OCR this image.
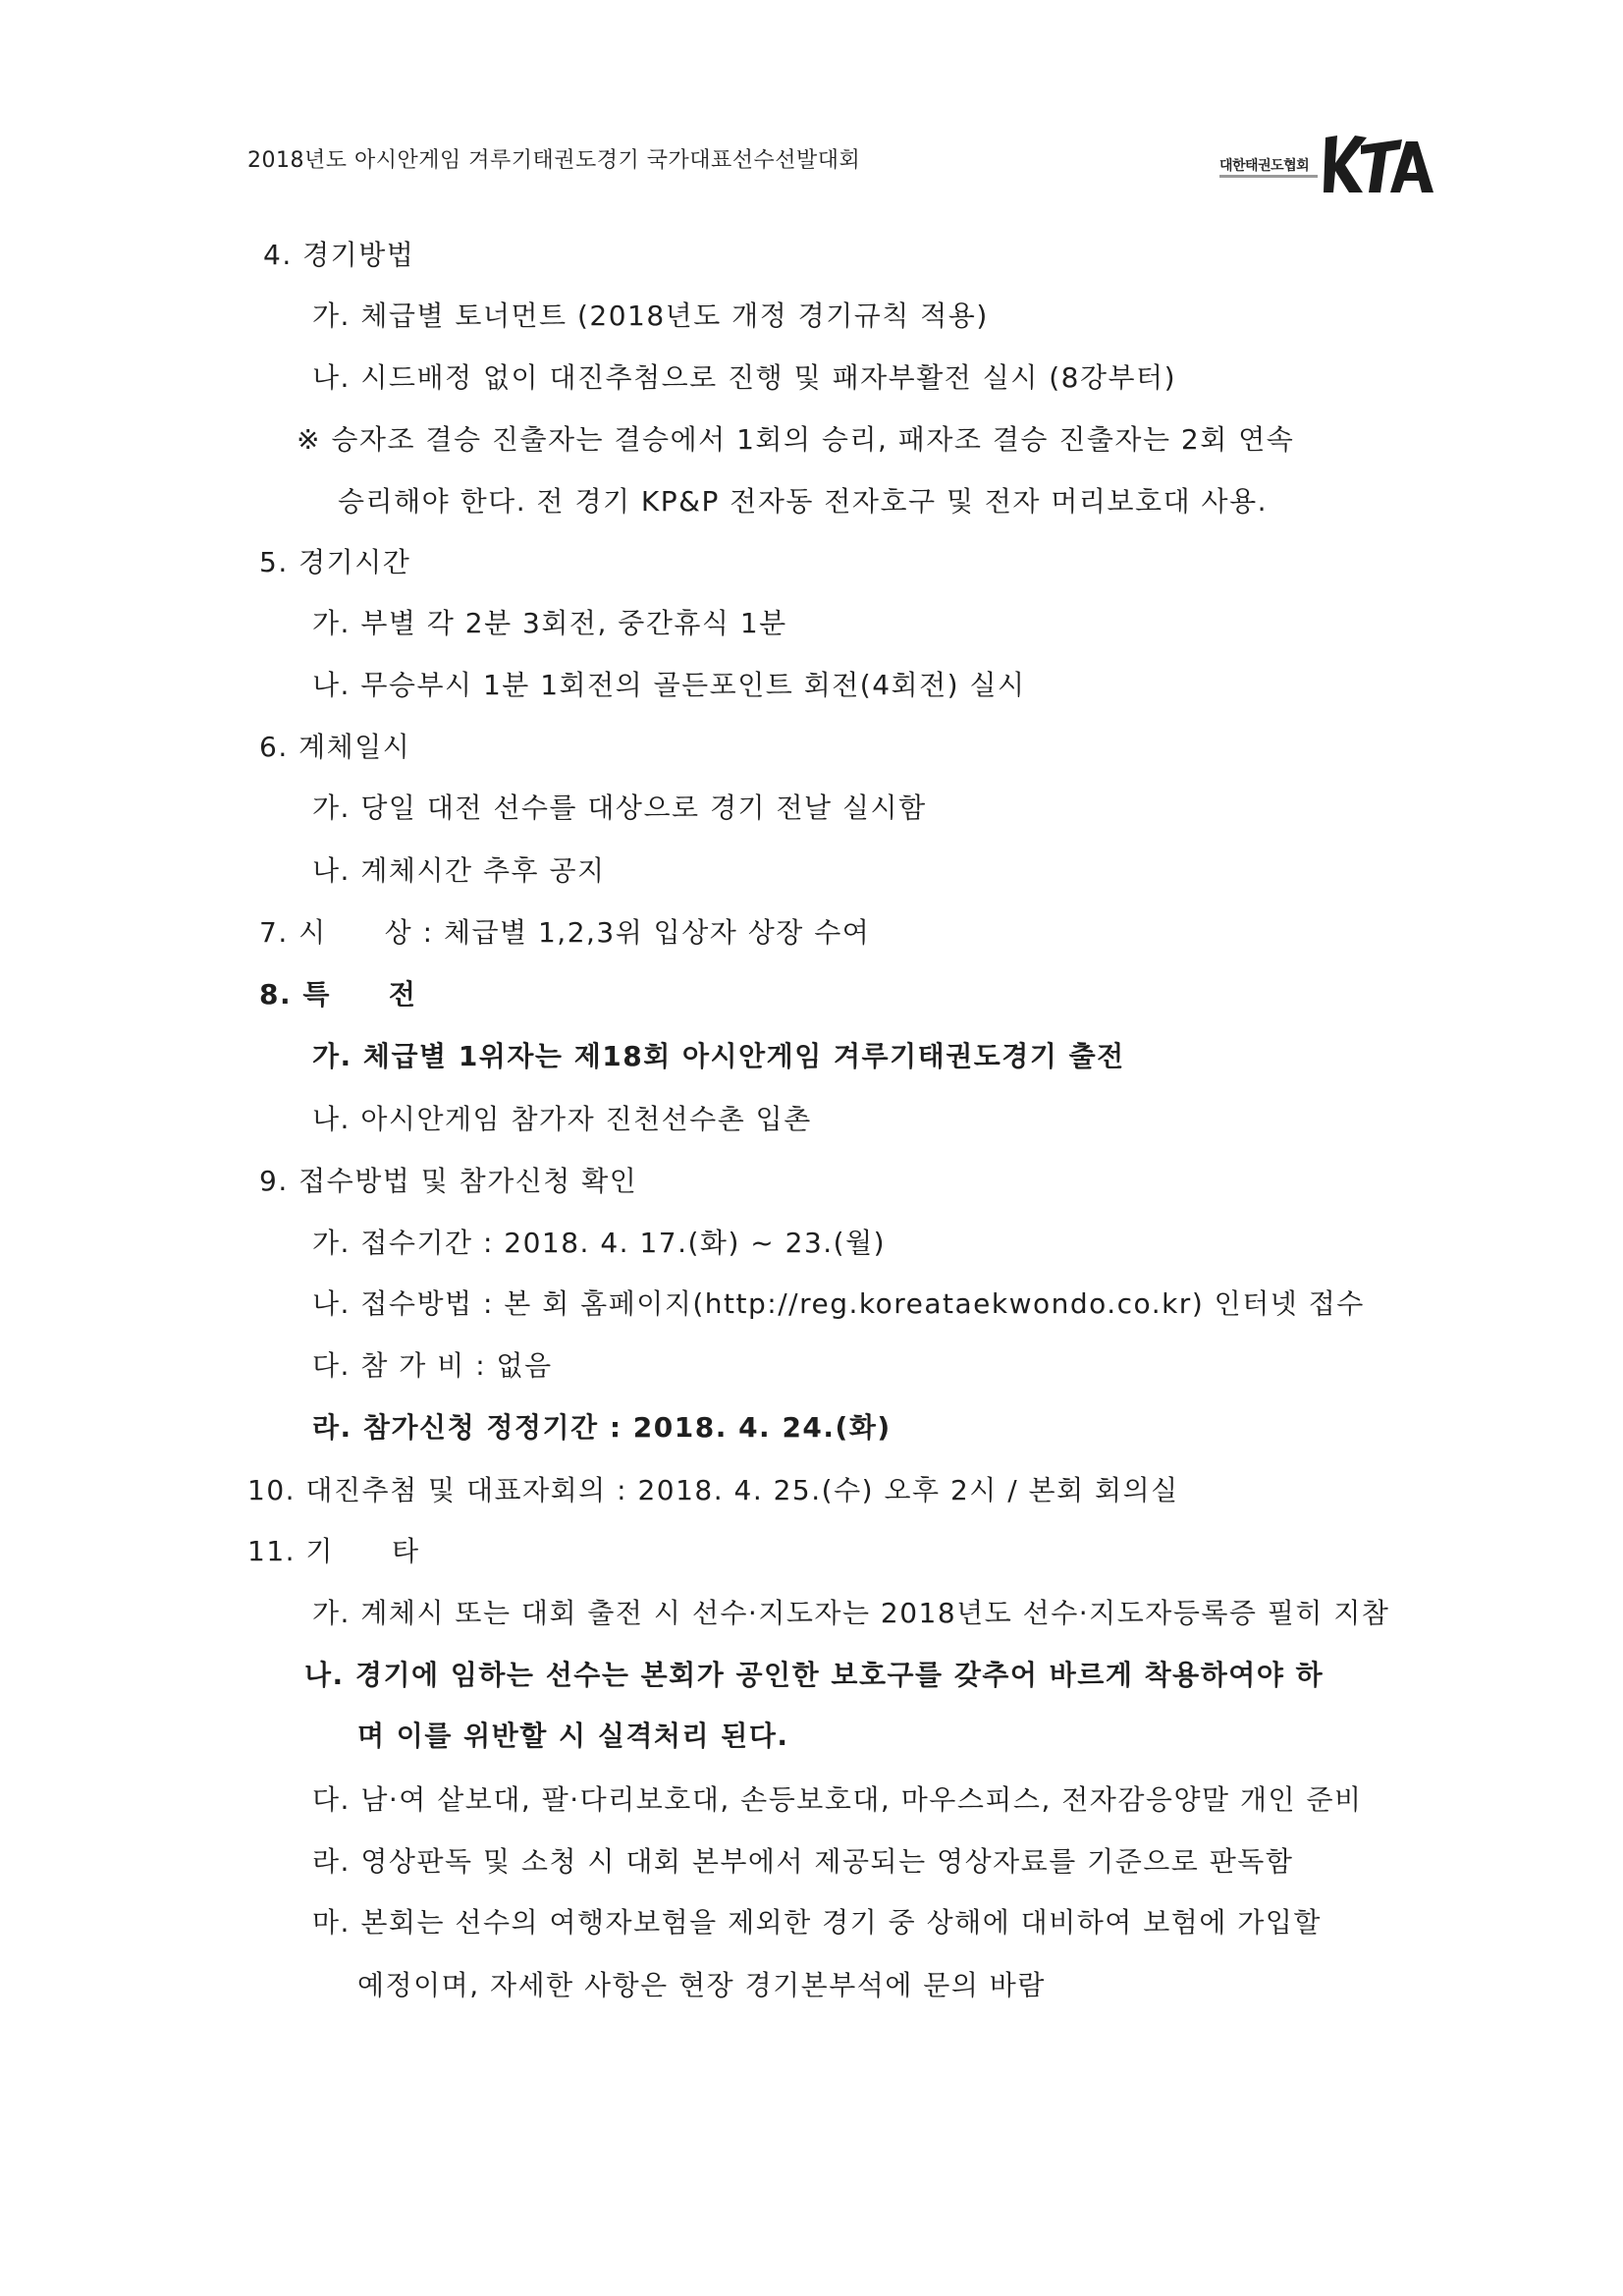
2018년도 아시안게임 겨루기태권도경기 국가대표선수선발대회	대한태권도협회
4. 경기방법
가. 체급별 토너먼트 (2018년도 개정 경기규칙 적용)
나. 시드배정 없이 대진추첨으로 진행 및 패자부활전 실시 (8강부터)
※ 승자조 결승 진출자는 결승에서 1회의 승리, 패자조 결승 진출자는 2회 연속
승리해야 한다. 전 경기 KP&P 전자동 전자호구 및 전자 머리보호대 사용.
5. 경기시간
가. 부별 각 2분 3회전, 중간휴식 1분
나. 무승부시 1분 1회전의 골든포인트 회전(4회전) 실시
6. 계체일시
가. 당일 대전 선수를 대상으로 경기 전날 실시함
나. 계체시간 추후 공지
7. 시　　상 : 체급별 1,2,3위 입상자 상장 수여
8. 특　　전
가. 체급별 1위자는 제18회 아시안게임 겨루기태권도경기 출전
나. 아시안게임 참가자 진천선수촌 입촌
9. 접수방법 및 참가신청 확인
가. 접수기간 : 2018. 4. 17.(화) ~ 23.(월)
나. 접수방법 : 본 회 홈페이지(http://reg.koreataekwondo.co.kr) 인터넷 접수
다. 참 가 비 : 없음
라. 참가신청 정정기간 : 2018. 4. 24.(화)
10. 대진추첨 및 대표자회의 : 2018. 4. 25.(수) 오후 2시 / 본회 회의실
11. 기　　타
가. 계체시 또는 대회 출전 시 선수·지도자는 2018년도 선수·지도자등록증 필히 지참
나. 경기에 임하는 선수는 본회가 공인한 보호구를 갖추어 바르게 착용하여야 하
며 이를 위반할 시 실격처리 된다.
다. 남·여 샅보대, 팔·다리보호대, 손등보호대, 마우스피스, 전자감응양말 개인 준비
라. 영상판독 및 소청 시 대회 본부에서 제공되는 영상자료를 기준으로 판독함
마. 본회는 선수의 여행자보험을 제외한 경기 중 상해에 대비하여 보험에 가입할
예정이며, 자세한 사항은 현장 경기본부석에 문의 바람
